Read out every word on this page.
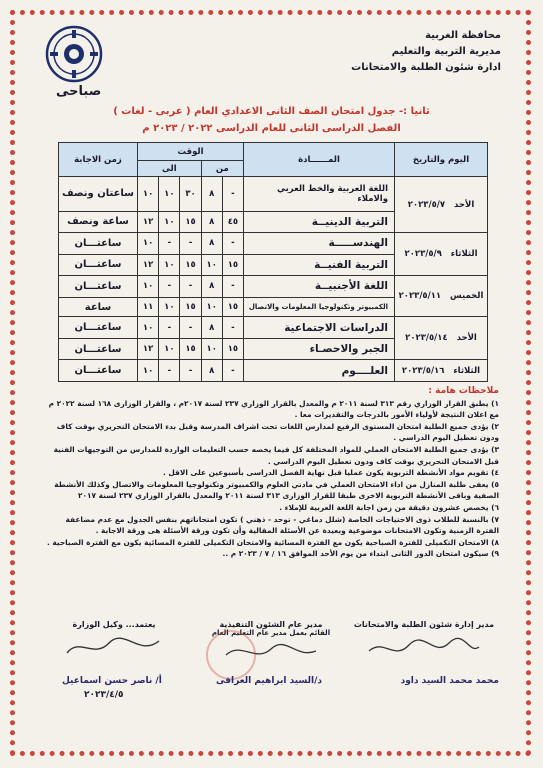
محافظة الغربية
مديرية التربية والتعليم
ادارة شئون الطلبة والامتحانات
صباحى
ثانيا :- جدول امتحان الصف الثانى الاعدادي العام ( عربى - لغات )
الفصل الدراسى الثانى للعام الدراسى ٢٠٢٢ / ٢٠٢٣ م
اليوم والتاريخ	المــــــادة	الوقت					زمن الاجابة
		من		الى			
الأحد   ٢٠٢٣/٥/٧	اللغة العربية والخط العربي والاملاء	-	٨	٣٠	١٠	١٠	ساعتان ونصف
	التربية الدينيــة	٤٥	٨	١٥	١٠	١٢	ساعة ونصف
الثلاثاء   ٢٠٢٣/٥/٩	الهندســـــة	-	٨	-	-	١٠	ساعتـــان
	التربية الفنيــة	١٥	١٠	١٥	١٠	١٢	ساعتـــان
الخميس   ٢٠٢٣/٥/١١	اللغة الأجنبيــة	-	٨	-	-	١٠	ساعتـــان
	الكمبيوتر وتكنولوجيا المعلومات والاتصال	١٥	١٠	١٥	١٠	١١	ساعة
الأحد   ٢٠٢٣/٥/١٤	الدراسات الاجتماعية	-	٨	-	-	١٠	ساعتـــان
	الجبر والاحصـاء	١٥	١٠	١٥	١٠	١٢	ساعتـــان
الثلاثاء   ٢٠٢٣/٥/١٦	العلــــوم	-	٨	-	-	١٠	ساعتـــان
ملاحظات هامة :

١) يطبق القرار الوزاري رقم ٣١٣ لسنة ٢٠١١ م والمعدل بالقرار الوزاري ٢٣٧ لسنة ٢٠١٧م ، والقرار الوزارى ١٦٨ لسنة ٢٠٢٢ م مع اعلان النتيجة لأولياء الأمور بالدرجات والتقديرات معا .

٢) يؤدى جميع الطلبة امتحان المستوى الرفيع لمدارس اللغات تحت اشراف المدرسة وقبل بدء الامتحان التحريري بوقت كاف ودون تعطيل اليوم الدراسي .

٣) يؤدى جميع الطلبة الامتحان العملي للمواد المختلفة كل فيما يخصه حسب التعليمات الواردة للمدارس من التوجيهات الفنية قبل الامتحان التحريري بوقت كاف ودون تعطيل اليوم الدراسي .

٤) تقويم مواد الأنشطة التربوية يكون عمليا قبل نهاية الفصل الدراسى بأسبوعين على الاقل .

٥) يعفى طلبة المنازل من اداء الامتحان العملي في مادتي العلوم والكمبيوتر وتكنولوجيا المعلومات والاتصال وكذلك الأنشطة الصفية وباقى الأنشطة التربوية الاخرى طبقا للقرار الوزارى ٣١٣ لسنة ٢٠١١ والمعدل بالقرار الوزاري ٢٣٧ لسنة ٢٠١٧

٦) يخصص عشرون دقيقة من زمن اجابة اللغة العربية للإملاء .

٧) بالنسبة للطلاب ذوى الاحتياجات الخاصة (شلل دماغي - توحد - ذهني ) تكون امتحاناتهم بنفس الجدول مع عدم مضاعفة الفترة الزمنية وتكون الامتحانات موضوعية وبعيدة عن الأسئلة المقالية وأن تكون ورقة الأسئلة هى ورقة الاجابة .

٨) الامتحان التكميلى للفترة الصباحية يكون مع الفترة المسائية والامتحان التكميلى للفترة المسائية يكون مع الفترة الصباحية .

٩) سيكون امتحان الدور الثانى ابتداء من يوم الأحد الموافق ١٦ / ٧ / ٢٠٢٣ م ..

مدير إدارة شئون الطلبة والامتحانات
محمد محمد السيد داود
مدير عام الشئون التنفيذية
القائم بعمل مدير عام التعليم العام
د/السيد ابراهيم العراقى
يعتمد... وكيل الوزارة
أ/ ناصر حسن اسماعيل
٢٠٢٣/٤/٥
